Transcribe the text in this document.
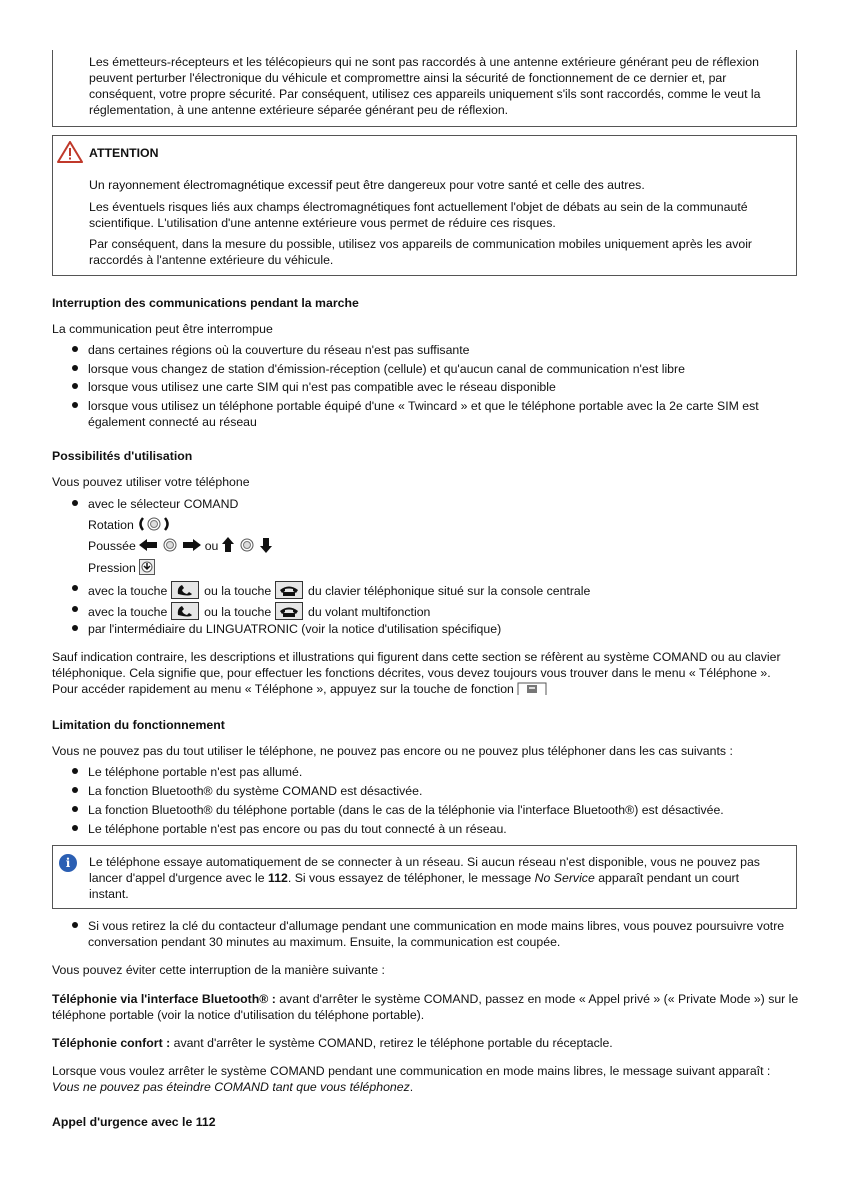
Les émetteurs-récepteurs et les télécopieurs qui ne sont pas raccordés à une antenne extérieure générant peu de réflexion peuvent perturber l'électronique du véhicule et compromettre ainsi la sécurité de fonctionnement de ce dernier et, par conséquent, votre propre sécurité. Par conséquent, utilisez ces appareils uniquement s'ils sont raccordés, comme le veut la réglementation, à une antenne extérieure séparée générant peu de réflexion.

ATTENTION

Un rayonnement électromagnétique excessif peut être dangereux pour votre santé et celle des autres.

Les éventuels risques liés aux champs électromagnétiques font actuellement l'objet de débats au sein de la communauté scientifique. L'utilisation d'une antenne extérieure vous permet de réduire ces risques.

Par conséquent, dans la mesure du possible, utilisez vos appareils de communication mobiles uniquement après les avoir raccordés à l'antenne extérieure du véhicule.

Interruption des communications pendant la marche
La communication peut être interrompue
dans certaines régions où la couverture du réseau n'est pas suffisante
lorsque vous changez de station d'émission-réception (cellule) et qu'aucun canal de communication n'est libre
lorsque vous utilisez une carte SIM qui n'est pas compatible avec le réseau disponible
lorsque vous utilisez un téléphone portable équipé d'une « Twincard » et que le téléphone portable avec la 2e carte SIM est également connecté au réseau
Possibilités d'utilisation
Vous pouvez utiliser votre téléphone
avec le sélecteur COMAND
Rotation
Poussée	ou
Pression
avec la touche	ou la touche	du clavier téléphonique situé sur la console centrale
avec la touche	ou la touche	du volant multifonction
par l'intermédiaire du LINGUATRONIC (voir la notice d'utilisation spécifique)
Sauf indication contraire, les descriptions et illustrations qui figurent dans cette section se réfèrent au système COMAND ou au clavier téléphonique. Cela signifie que, pour effectuer les fonctions décrites, vous devez toujours vous trouver dans le menu « Téléphone ». Pour accéder rapidement au menu « Téléphone », appuyez sur la touche de fonction
Limitation du fonctionnement
Vous ne pouvez pas du tout utiliser le téléphone, ne pouvez pas encore ou ne pouvez plus téléphoner dans les cas suivants :
Le téléphone portable n'est pas allumé.
La fonction Bluetooth® du système COMAND est désactivée.
La fonction Bluetooth® du téléphone portable (dans le cas de la téléphonie via l'interface Bluetooth®) est désactivée.
Le téléphone portable n'est pas encore ou pas du tout connecté à un réseau.
i	Le téléphone essaye automatiquement de se connecter à un réseau. Si aucun réseau n'est disponible, vous ne pouvez pas lancer d'appel d'urgence avec le 112. Si vous essayez de téléphoner, le message No Service apparaît pendant un court instant.

Si vous retirez la clé du contacteur d'allumage pendant une communication en mode mains libres, vous pouvez poursuivre votre conversation pendant 30 minutes au maximum. Ensuite, la communication est coupée.
Vous pouvez éviter cette interruption de la manière suivante :
Téléphonie via l'interface Bluetooth® : avant d'arrêter le système COMAND, passez en mode « Appel privé » (« Private Mode ») sur le téléphone portable (voir la notice d'utilisation du téléphone portable).
Téléphonie confort : avant d'arrêter le système COMAND, retirez le téléphone portable du réceptacle.
Lorsque vous voulez arrêter le système COMAND pendant une communication en mode mains libres, le message suivant apparaît : Vous ne pouvez pas éteindre COMAND tant que vous téléphonez.
Appel d'urgence avec le 112
